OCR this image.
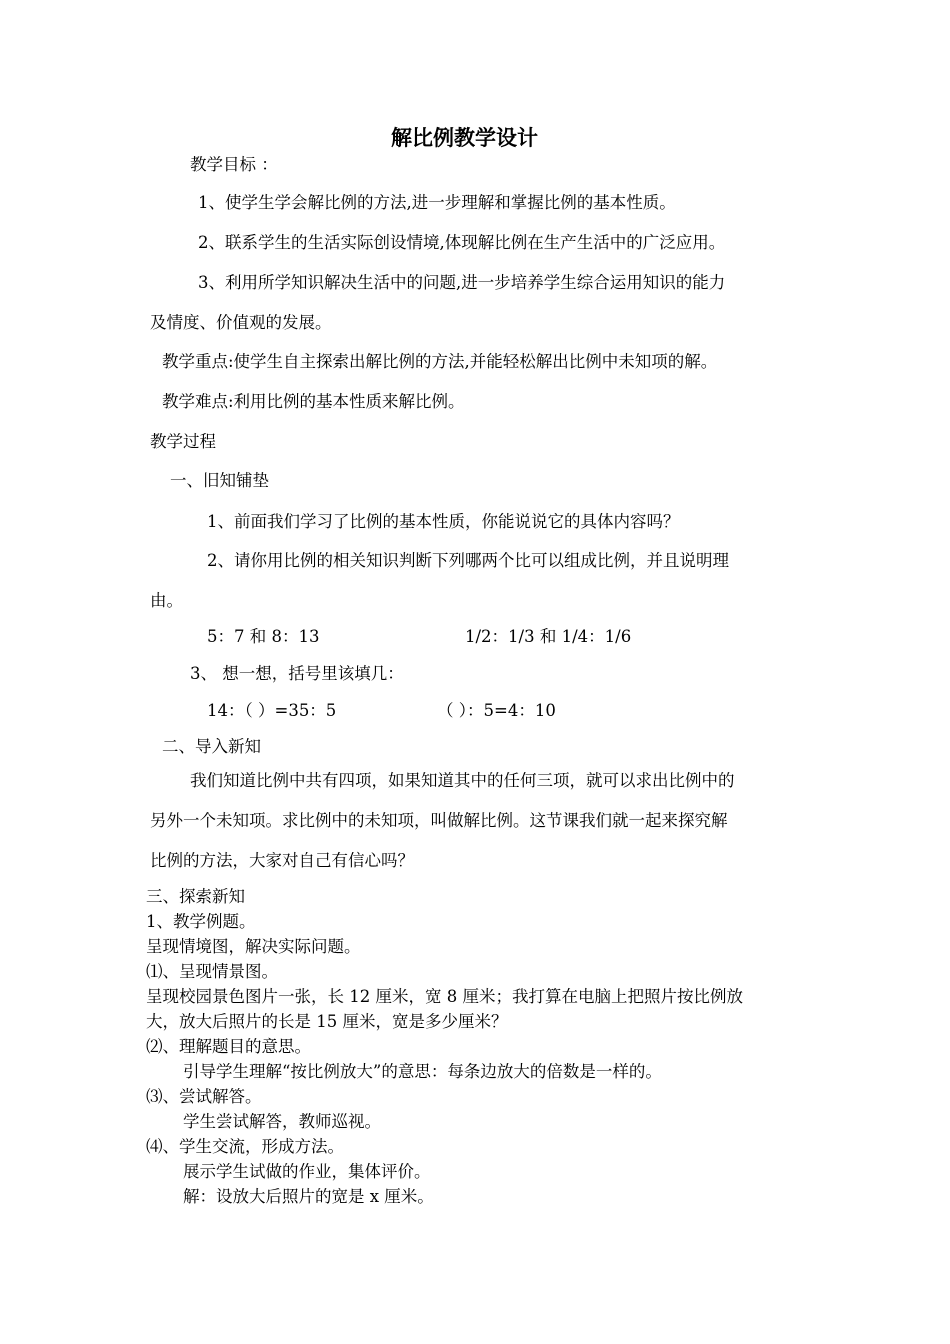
解比例教学设计
教学目标 ：
1、使学生学会解比例的方法,进一步理解和掌握比例的基本性质。
2、联系学生的生活实际创设情境,体现解比例在生产生活中的广泛应用。
3、利用所学知识解决生活中的问题,进一步培养学生综合运用知识的能力
及情度、价值观的发展。
教学重点:使学生自主探索出解比例的方法,并能轻松解出比例中未知项的解。
教学难点:利用比例的基本性质来解比例。
教学过程
一、旧知铺垫
1、前面我们学习了比例的基本性质，你能说说它的具体内容吗？
2、请你用比例的相关知识判断下列哪两个比可以组成比例，并且说明理
由。
5：7 和 8：13	1/2：1/3 和 1/4：1/6
3、 想一想，括号里该填几：
14：（ ）=35：5	（ ）：5=4：10
二、导入新知
我们知道比例中共有四项，如果知道其中的任何三项，就可以求出比例中的
另外一个未知项。求比例中的未知项，叫做解比例。这节课我们就一起来探究解
比例的方法，大家对自己有信心吗？
三、探索新知
1、教学例题。
呈现情境图，解决实际问题。
⑴、呈现情景图。
呈现校园景色图片一张，长 12 厘米，宽 8 厘米；我打算在电脑上把照片按比例放
大，放大后照片的长是 15 厘米，宽是多少厘米？
⑵、理解题目的意思。
引导学生理解“按比例放大”的意思：每条边放大的倍数是一样的。
⑶、尝试解答。
学生尝试解答，教师巡视。
⑷、学生交流，形成方法。
展示学生试做的作业，集体评价。
解：设放大后照片的宽是 x 厘米。
